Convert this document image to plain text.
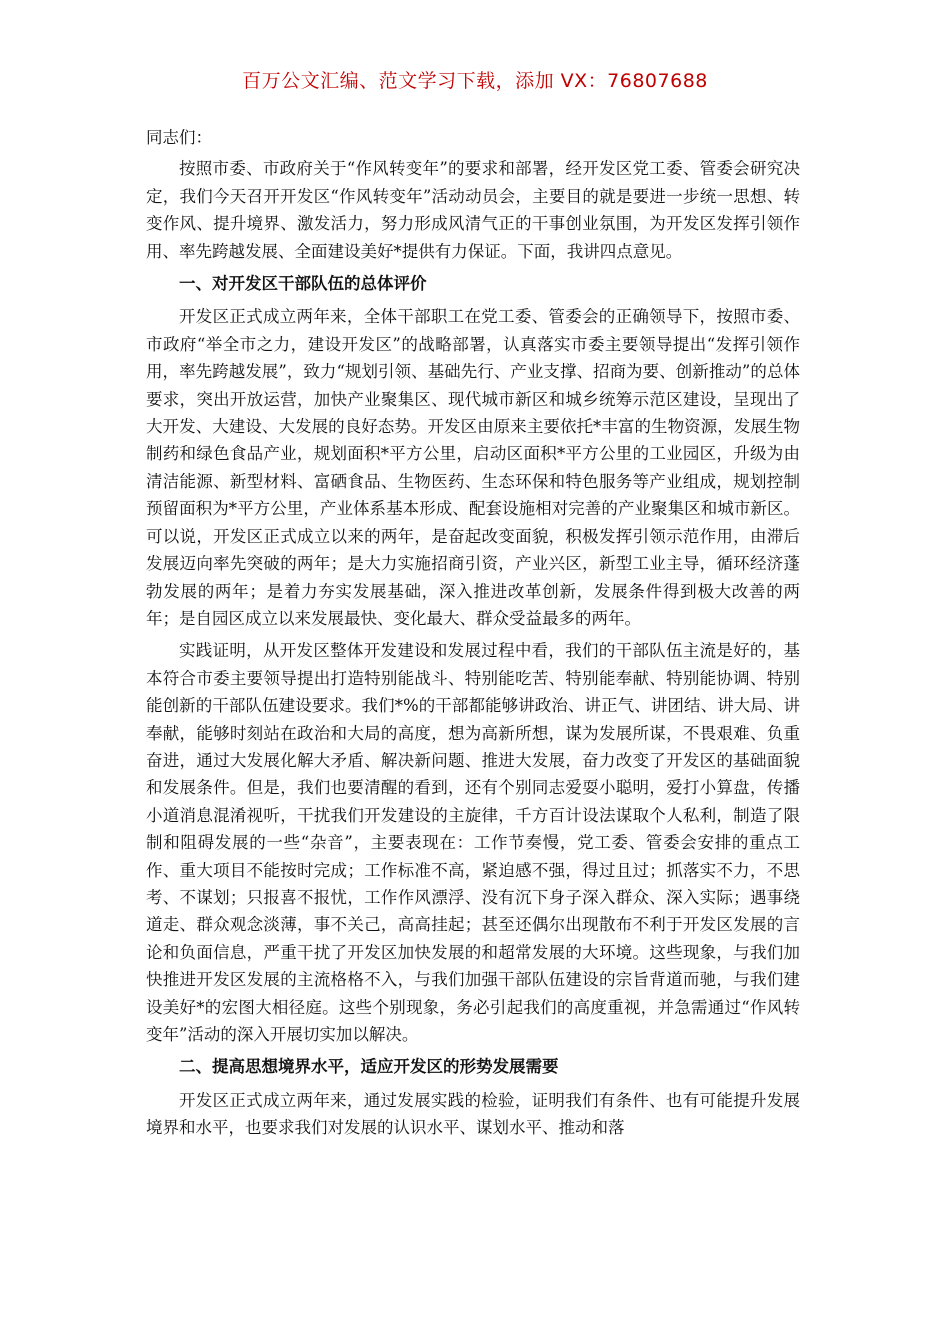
百万公文汇编、范文学习下载，添加 VX：76807688

同志们：

按照市委、市政府关于“作风转变年”的要求和部署，经开发区党工委、管委会研究决定，我们今天召开开发区“作风转变年”活动动员会，主要目的就是要进一步统一思想、转变作风、提升境界、激发活力，努力形成风清气正的干事创业氛围，为开发区发挥引领作用、率先跨越发展、全面建设美好*提供有力保证。下面，我讲四点意见。

一、对开发区干部队伍的总体评价

开发区正式成立两年来，全体干部职工在党工委、管委会的正确领导下，按照市委、市政府“举全市之力，建设开发区”的战略部署，认真落实市委主要领导提出“发挥引领作用，率先跨越发展”，致力“规划引领、基础先行、产业支撑、招商为要、创新推动”的总体要求，突出开放运营，加快产业聚集区、现代城市新区和城乡统筹示范区建设，呈现出了大开发、大建设、大发展的良好态势。开发区由原来主要依托*丰富的生物资源，发展生物制药和绿色食品产业，规划面积*平方公里，启动区面积*平方公里的工业园区，升级为由清洁能源、新型材料、富硒食品、生物医药、生态环保和特色服务等产业组成，规划控制预留面积为*平方公里，产业体系基本形成、配套设施相对完善的产业聚集区和城市新区。可以说，开发区正式成立以来的两年，是奋起改变面貌，积极发挥引领示范作用，由滞后发展迈向率先突破的两年；是大力实施招商引资，产业兴区，新型工业主导，循环经济蓬勃发展的两年；是着力夯实发展基础，深入推进改革创新，发展条件得到极大改善的两年；是自园区成立以来发展最快、变化最大、群众受益最多的两年。

实践证明，从开发区整体开发建设和发展过程中看，我们的干部队伍主流是好的，基本符合市委主要领导提出打造特别能战斗、特别能吃苦、特别能奉献、特别能协调、特别能创新的干部队伍建设要求。我们*%的干部都能够讲政治、讲正气、讲团结、讲大局、讲奉献，能够时刻站在政治和大局的高度，想为高新所想，谋为发展所谋，不畏艰难、负重奋进，通过大发展化解大矛盾、解决新问题、推进大发展，奋力改变了开发区的基础面貌和发展条件。但是，我们也要清醒的看到，还有个别同志爱耍小聪明，爱打小算盘，传播小道消息混淆视听，干扰我们开发建设的主旋律，千方百计设法谋取个人私利，制造了限制和阻碍发展的一些“杂音”，主要表现在：工作节奏慢，党工委、管委会安排的重点工作、重大项目不能按时完成；工作标准不高，紧迫感不强，得过且过；抓落实不力，不思考、不谋划；只报喜不报忧，工作作风漂浮、没有沉下身子深入群众、深入实际；遇事绕道走、群众观念淡薄，事不关己，高高挂起；甚至还偶尔出现散布不利于开发区发展的言论和负面信息，严重干扰了开发区加快发展的和超常发展的大环境。这些现象，与我们加快推进开发区发展的主流格格不入，与我们加强干部队伍建设的宗旨背道而驰，与我们建设美好*的宏图大相径庭。这些个别现象，务必引起我们的高度重视，并急需通过“作风转变年”活动的深入开展切实加以解决。

二、提高思想境界水平，适应开发区的形势发展需要

开发区正式成立两年来，通过发展实践的检验，证明我们有条件、也有可能提升发展境界和水平，也要求我们对发展的认识水平、谋划水平、推动和落
